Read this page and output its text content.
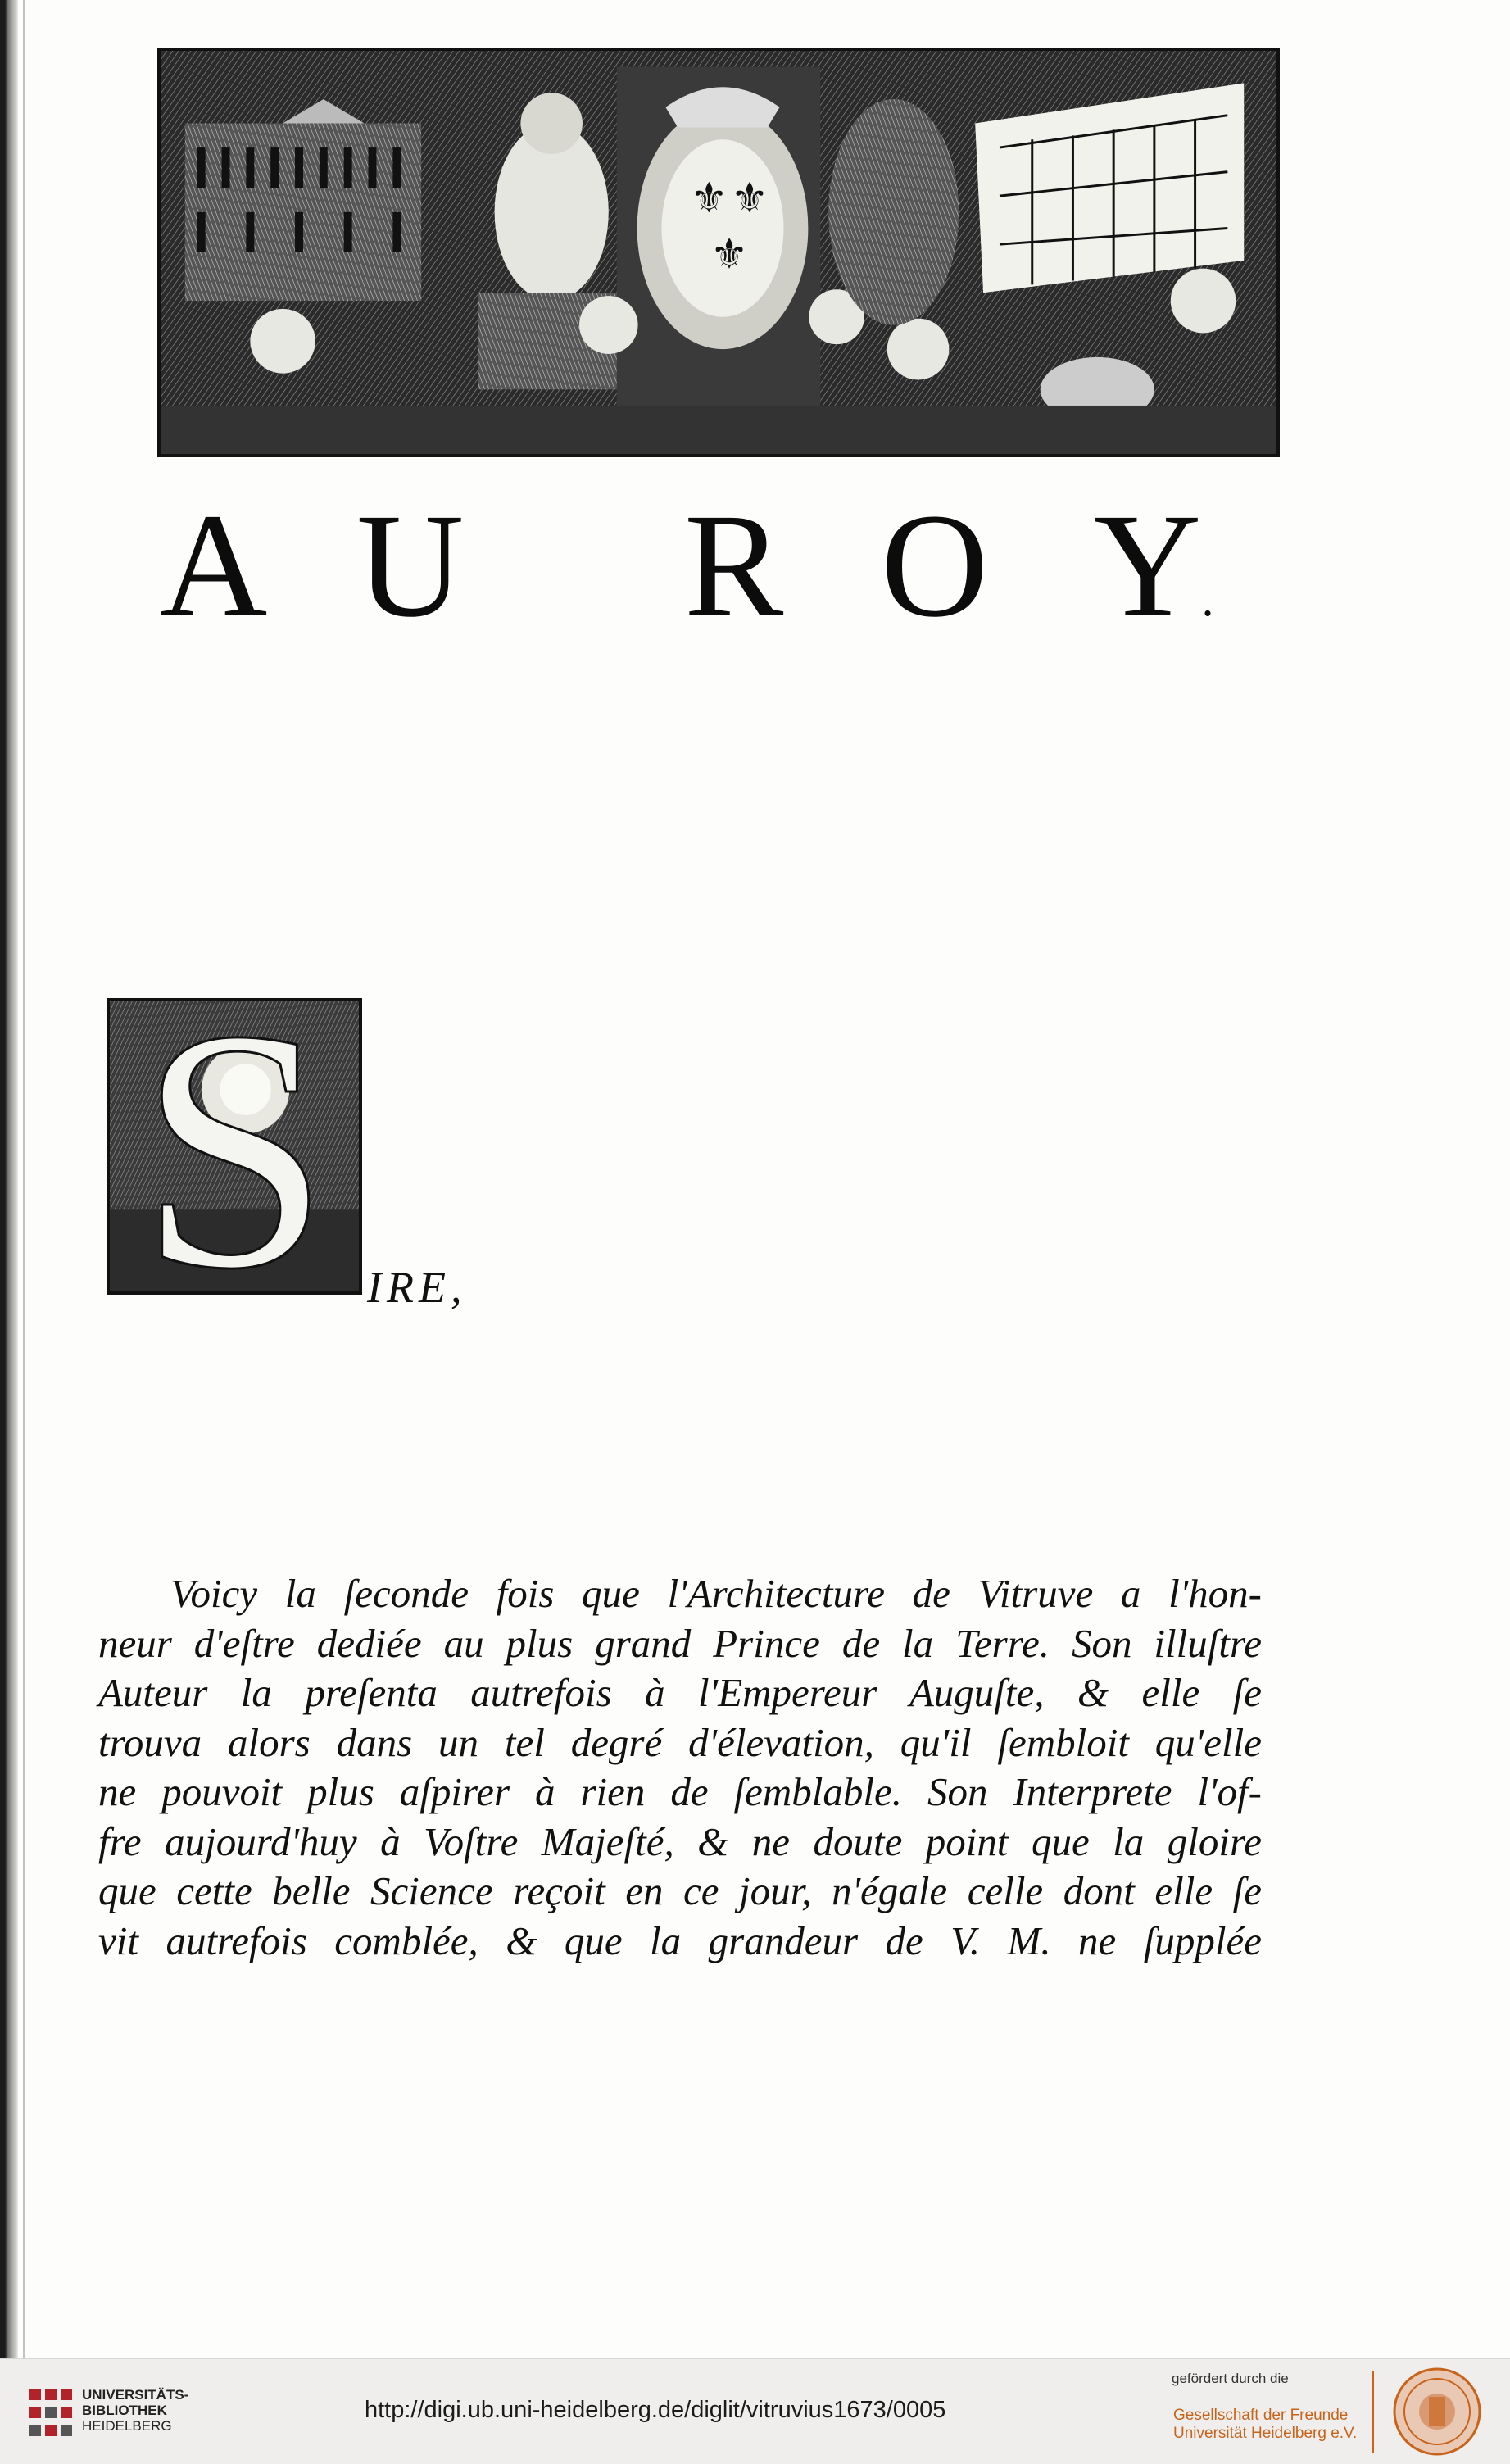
⚜ ⚜
⚜
A U R O Y.
S IRE,
Voicy la ſeconde fois que l'Architecture de Vitruve a l'hon-
neur d'eſtre dediée au plus grand Prince de la Terre. Son illuſtre
Auteur la preſenta autrefois à l'Empereur Auguſte, & elle ſe
trouva alors dans un tel degré d'élevation, qu'il ſembloit qu'elle
ne pouvoit plus aſpirer à rien de ſemblable. Son Interprete l'of-
fre aujourd'huy à Voſtre Majeſté, & ne doute point que la gloire
que cette belle Science reçoit en ce jour, n'égale celle dont elle ſe
vit autrefois comblée, & que la grandeur de V. M. ne ſupplée
UNIVERSITÄTS-
BIBLIOTHEK
HEIDELBERG
http://digi.ub.uni-heidelberg.de/diglit/vitruvius1673/0005
gefördert durch die
Gesellschaft der Freunde
Universität Heidelberg e.V.
